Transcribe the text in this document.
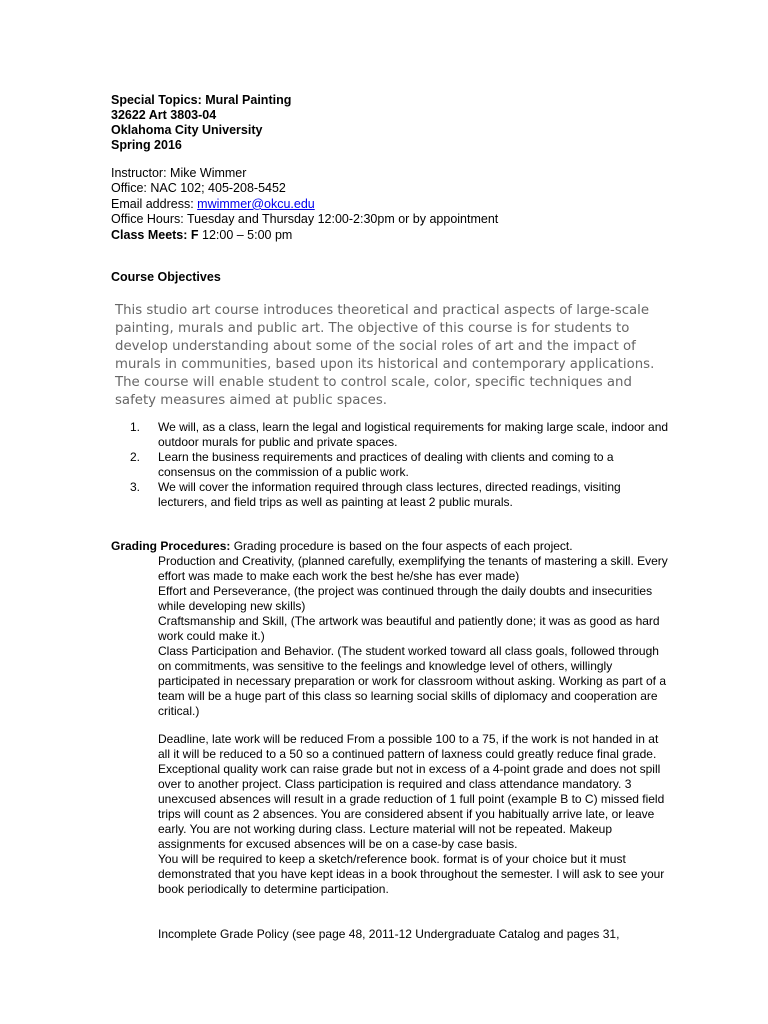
Special Topics: Mural Painting
32622 Art 3803-04
Oklahoma City University
Spring 2016
Instructor: Mike Wimmer
Office: NAC 102; 405-208-5452
Email address: mwimmer@okcu.edu
Office Hours: Tuesday and Thursday 12:00-2:30pm or by appointment
Class Meets: F 12:00 – 5:00 pm
Course Objectives
This studio art course introduces theoretical and practical aspects of large-scale painting, murals and public art. The objective of this course is for students to develop understanding about some of the social roles of art and the impact of murals in communities, based upon its historical and contemporary applications. The course will enable student to control scale, color, specific techniques and safety measures aimed at public spaces.
1. We will, as a class, learn the legal and logistical requirements for making large scale, indoor and outdoor murals for public and private spaces.
2. Learn the business requirements and practices of dealing with clients and coming to a consensus on the commission of a public work.
3. We will cover the information required through class lectures, directed readings, visiting lecturers, and field trips as well as painting at least 2 public murals.
Grading Procedures: Grading procedure is based on the four aspects of each project.

Production and Creativity, (planned carefully, exemplifying the tenants of mastering a skill. Every effort was made to make each work the best he/she has ever made)

Effort and Perseverance, (the project was continued through the daily doubts and insecurities while developing new skills)

Craftsmanship and Skill, (The artwork was beautiful and patiently done; it was as good as hard work could make it.)

Class Participation and Behavior. (The student worked toward all class goals, followed through on commitments, was sensitive to the feelings and knowledge level of others, willingly participated in necessary preparation or work for classroom without asking. Working as part of a team will be a huge part of this class so learning social skills of diplomacy and cooperation are critical.)

Deadline, late work will be reduced From a possible 100 to a 75, if the work is not handed in at all it will be reduced to a 50 so a continued pattern of laxness could greatly reduce final grade. Exceptional quality work can raise grade but not in excess of a 4-point grade and does not spill over to another project. Class participation is required and class attendance mandatory. 3 unexcused absences will result in a grade reduction of 1 full point (example B to C) missed field trips will count as 2 absences. You are considered absent if you habitually arrive late, or leave early. You are not working during class. Lecture material will not be repeated. Makeup assignments for excused absences will be on a case-by case basis.

You will be required to keep a sketch/reference book. format is of your choice but it must demonstrated that you have kept ideas in a book throughout the semester. I will ask to see your book periodically to determine participation.

Incomplete Grade Policy (see page 48, 2011-12 Undergraduate Catalog and pages 31,
